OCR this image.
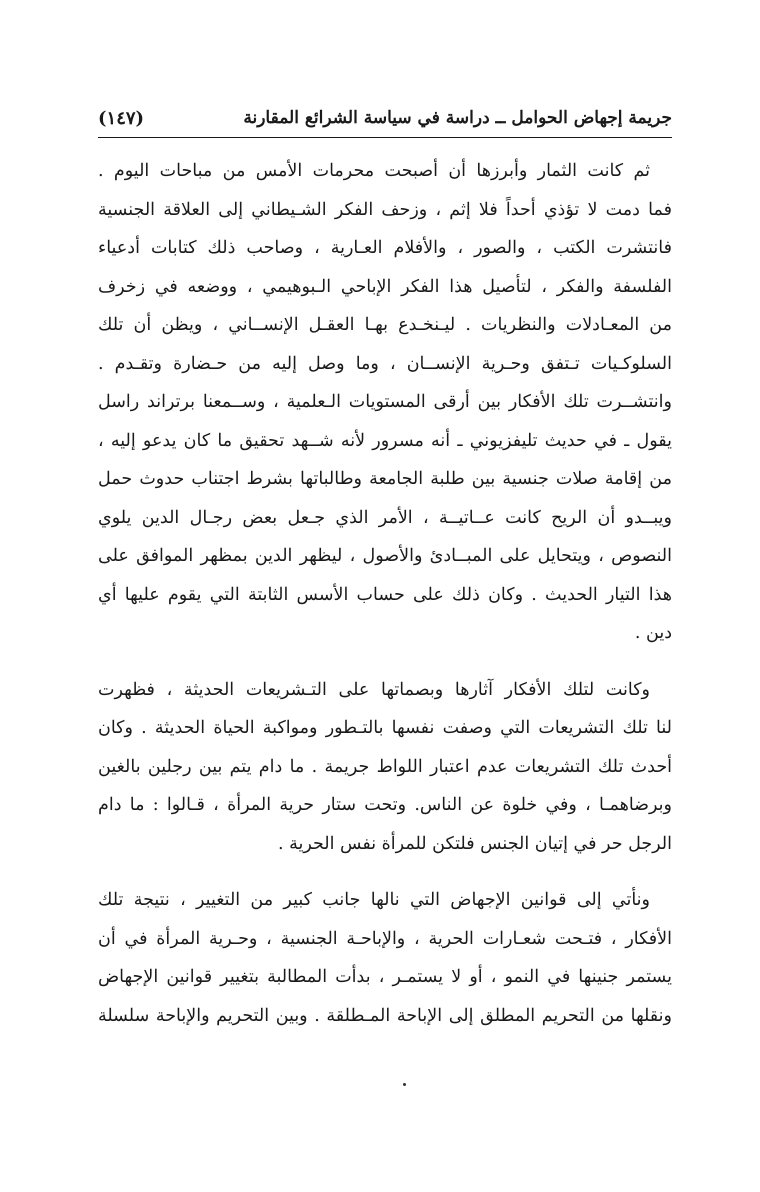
جريمة إجهاض الحوامل ــ دراسة في سياسة الشرائع المقارنة
(١٤٧)
ثم كانت الثمار وأبرزها أن أصبحت محرمات الأمس من مباحات اليوم .
فما دمت لا تؤذي أحداً فلا إثم ، وزحف الفكر الشـيطاني إلى العلاقة الجنسية
فانتشرت الكتب ، والصور ، والأفلام العـارية ، وصاحب ذلك كتابات أدعياء
الفلسفة والفكر ، لتأصيل هذا الفكر الإباحي الـبوهيمي ، ووضعه في زخرف
من المعـادلات والنظريات . ليـنخـدع بهـا العقـل الإنســاني ، ويظن أن تلك
السلوكـيات تـتفق وحـرية الإنســان ، وما وصل إليه من حـضارة وتقـدم .
وانتشــرت تلك الأفكار بين أرقى المستويات الـعلمية ، وســمعنا برتراند راسل
يقول ـ في حديث تليفزيوني ـ أنه مسرور لأنه شــهد تحقيق ما كان يدعو إليه ،
من إقامة صلات جنسية بين طلبة الجامعة وطالباتها بشرط اجتناب حدوث حمل
ويبــدو أن الريح كانت عــاتيــة ، الأمر الذي جـعل بعض رجـال الدين يلوي
النصوص ، ويتحايل على المبــادئ والأصول ، ليظهر الدين بمظهر الموافق على
هذا التيار الحديث . وكان ذلك على حساب الأسس الثابتة التي يقوم عليها أي
دين .
وكانت لتلك الأفكار آثارها وبصماتها على التـشريعات الحديثة ، فظهرت
لنا تلك التشريعات التي وصفت نفسها بالتـطور ومواكبة الحياة الحديثة . وكان
أحدث تلك التشريعات عدم اعتبار اللواط جريمة . ما دام يتم بين رجلين بالغين
وبرضاهمـا ، وفي خلوة عن الناس. وتحت ستار حرية المرأة ، قـالوا : ما دام
الرجل حر في إتيان الجنس فلتكن للمرأة نفس الحرية .
ونأتي إلى قوانين الإجهاض التي نالها جانب كبير من التغيير ، نتيجة تلك
الأفكار ، فتـحت شعـارات الحرية ، والإباحـة الجنسية ، وحـرية المرأة في أن
يستمر جنينها في النمو ، أو لا يستمـر ، بدأت المطالبة بتغيير قوانين الإجهاض
ونقلها من التحريم المطلق إلى الإباحة المـطلقة . وبين التحريم والإباحة سلسلة
